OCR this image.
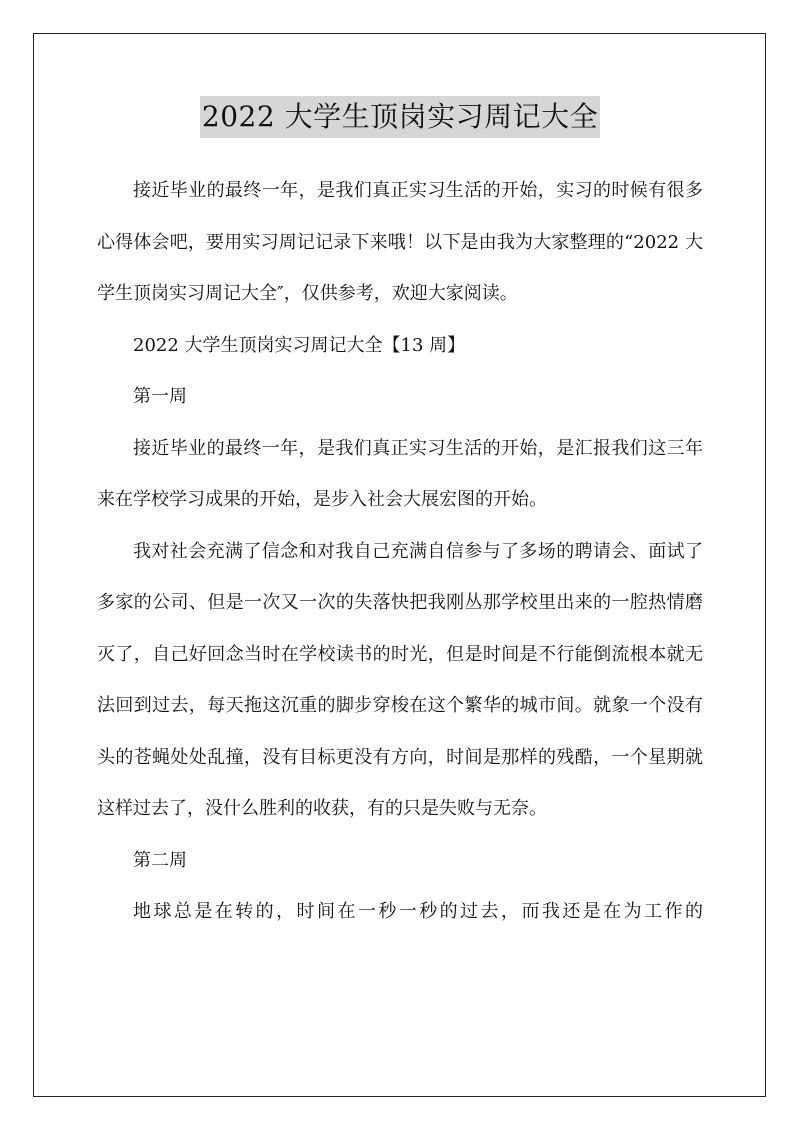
2022 大学生顶岗实习周记大全

接近毕业的最终一年，是我们真正实习生活的开始，实习的时候有很多心得体会吧，要用实习周记记录下来哦！以下是由我为大家整理的“2022 大学生顶岗实习周记大全″，仅供参考，欢迎大家阅读。

2022 大学生顶岗实习周记大全【13 周】

第一周

接近毕业的最终一年，是我们真正实习生活的开始，是汇报我们这三年来在学校学习成果的开始，是步入社会大展宏图的开始。

我对社会充满了信念和对我自己充满自信参与了多场的聘请会、面试了多家的公司、但是一次又一次的失落快把我刚丛那学校里出来的一腔热情磨灭了，自己好回念当时在学校读书的时光，但是时间是不行能倒流根本就无法回到过去，每天拖这沉重的脚步穿梭在这个繁华的城市间。就象一个没有头的苍蝇处处乱撞，没有目标更没有方向，时间是那样的残酷，一个星期就这样过去了，没什么胜利的收获，有的只是失败与无奈。

第二周

地球总是在转的，时间在一秒一秒的过去，而我还是在为工作的
